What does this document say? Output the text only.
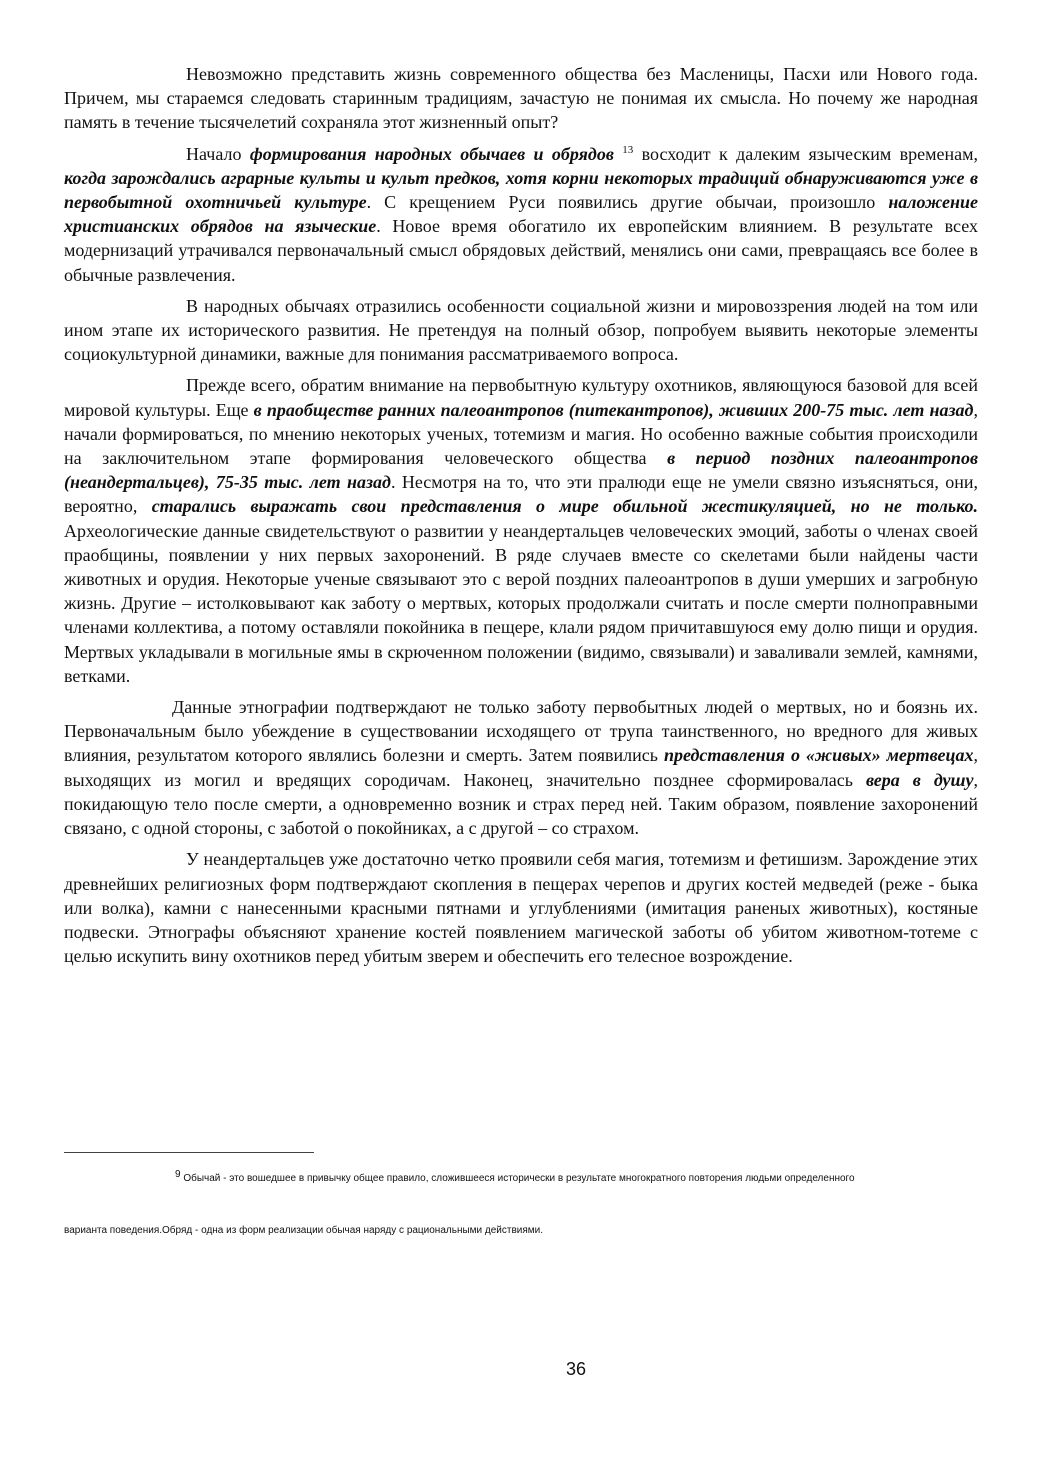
Невозможно представить жизнь современного общества без Масленицы, Пасхи или Нового года. Причем, мы стараемся следовать старинным традициям, зачастую не понимая их смысла. Но почему же народная память в течение тысячелетий сохраняла этот жизненный опыт?

Начало формирования народных обычаев и обрядов $^{13}$ восходит к далеким языческим временам, когда зарождались аграрные культы и культ предков, хотя корни некоторых традиций обнаруживаются уже в первобытной охотничьей культуре. С крещением Руси появились другие обычаи, произошло наложение христианских обрядов на языческие. Новое время обогатило их европейским влиянием. В результате всех модернизаций утрачивался первоначальный смысл обрядовых действий, менялись они сами, превращаясь все более в обычные развлечения.

В народных обычаях отразились особенности социальной жизни и мировоззрения людей на том или ином этапе их исторического развития. Не претендуя на полный обзор, попробуем выявить некоторые элементы социокультурной динамики, важные для понимания рассматриваемого вопроса.

Прежде всего, обратим внимание на первобытную культуру охотников, являющуюся базовой для всей мировой культуры. Еще в праобществе ранних палеоантропов (питекантропов), живших 200-75 тыс. лет назад, начали формироваться, по мнению некоторых ученых, тотемизм и магия. Но особенно важные события происходили на заключительном этапе формирования человеческого общества в период поздних палеоантропов (неандертальцев), 75-35 тыс. лет назад. Несмотря на то, что эти пралюди еще не умели связно изъясняться, они, вероятно, старались выражать свои представления о мире обильной жестикуляцией, но не только. Археологические данные свидетельствуют о развитии у неандертальцев человеческих эмоций, заботы о членах своей праобщины, появлении у них первых захоронений. В ряде случаев вместе со скелетами были найдены части животных и орудия. Некоторые ученые связывают это с верой поздних палеоантропов в души умерших и загробную жизнь. Другие – истолковывают как заботу о мертвых, которых продолжали считать и после смерти полноправными членами коллектива, а потому оставляли покойника в пещере, клали рядом причитавшуюся ему долю пищи и орудия. Мертвых укладывали в могильные ямы в скрюченном положении (видимо, связывали) и заваливали землей, камнями, ветками.

Данные этнографии подтверждают не только заботу первобытных людей о мертвых, но и боязнь их. Первоначальным было убеждение в существовании исходящего от трупа таинственного, но вредного для живых влияния, результатом которого являлись болезни и смерть. Затем появились представления о «живых» мертвецах, выходящих из могил и вредящих сородичам. Наконец, значительно позднее сформировалась вера в душу, покидающую тело после смерти, а одновременно возник и страх перед ней. Таким образом, появление захоронений связано, с одной стороны, с заботой о покойниках, а с другой – со страхом.

У неандертальцев уже достаточно четко проявили себя магия, тотемизм и фетишизм. Зарождение этих древнейших религиозных форм подтверждают скопления в пещерах черепов и других костей медведей (реже - быка или волка), камни с нанесенными красными пятнами и углублениями (имитация раненых животных), костяные подвески. Этнографы объясняют хранение костей появлением магической заботы об убитом животном-тотеме с целью искупить вину охотников перед убитым зверем и обеспечить его телесное возрождение.

$^9$ Обычай - это вошедшее в привычку общее правило, сложившееся исторически в результате многократного повторения людьми определенного
варианта поведения.Обряд - одна из форм реализации обычая наряду с рациональными действиями.
36
